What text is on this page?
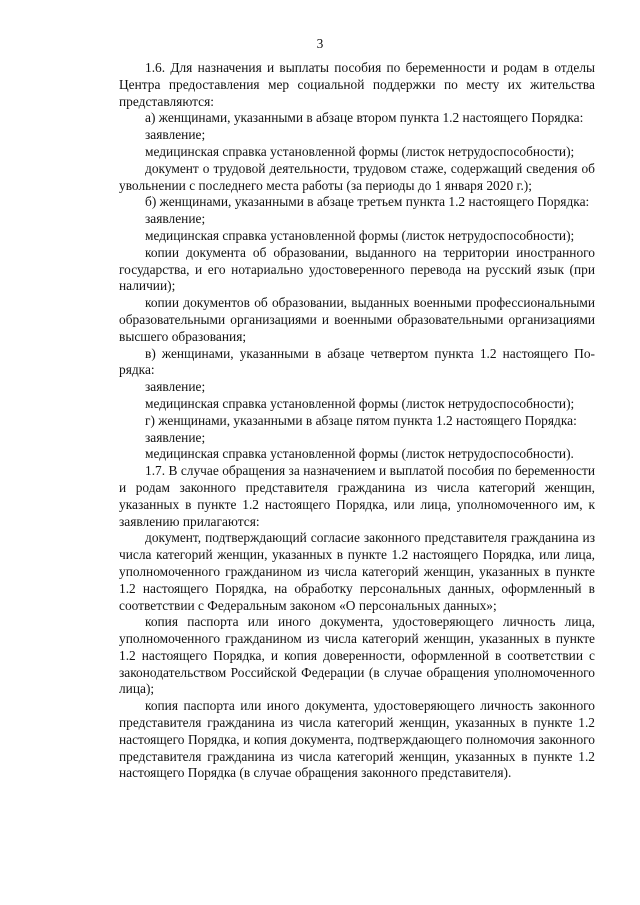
3

1.6. Для назначения и выплаты пособия по беременности и родам в отделы Центра предоставления мер социальной поддержки по месту их жительства представляются:

а) женщинами, указанными в абзаце втором пункта 1.2 настоящего Порядка:

заявление;

медицинская справка установленной формы (листок нетрудоспособности);

документ о трудовой деятельности, трудовом стаже, содержащий сведения об увольнении с последнего места работы (за периоды до 1 января 2020 г.);

б) женщинами, указанными в абзаце третьем пункта 1.2 настоящего Порядка:

заявление;

медицинская справка установленной формы (листок нетрудоспособности);

копии документа об образовании, выданного на территории иностранного государства, и его нотариально удостоверенного перевода на русский язык (при наличии);

копии документов об образовании, выданных военными профессиональными образовательными организациями и военными образовательными организациями высшего образования;

в) женщинами, указанными в абзаце четвертом пункта 1.2 настоящего Порядка:

заявление;

медицинская справка установленной формы (листок нетрудоспособности);

г) женщинами, указанными в абзаце пятом пункта 1.2 настоящего Порядка:

заявление;

медицинская справка установленной формы (листок нетрудоспособности).

1.7. В случае обращения за назначением и выплатой пособия по беременности и родам законного представителя гражданина из числа категорий женщин, указанных в пункте 1.2 настоящего Порядка, или лица, уполномоченного им, к заявлению прилагаются:

документ, подтверждающий согласие законного представителя гражданина из числа категорий женщин, указанных в пункте 1.2 настоящего Порядка, или лица, уполномоченного гражданином из числа категорий женщин, указанных в пункте 1.2 настоящего Порядка, на обработку персональных данных, оформленный в соответствии с Федеральным законом «О персональных данных»;

копия паспорта или иного документа, удостоверяющего личность лица, уполномоченного гражданином из числа категорий женщин, указанных в пункте 1.2 настоящего Порядка, и копия доверенности, оформленной в соответствии с законодательством Российской Федерации (в случае обращения уполномоченного лица);

копия паспорта или иного документа, удостоверяющего личность законного представителя гражданина из числа категорий женщин, указанных в пункте 1.2 настоящего Порядка, и копия документа, подтверждающего полномочия законного представителя гражданина из числа категорий женщин, указанных в пункте 1.2 настоящего Порядка (в случае обращения законного представителя).
